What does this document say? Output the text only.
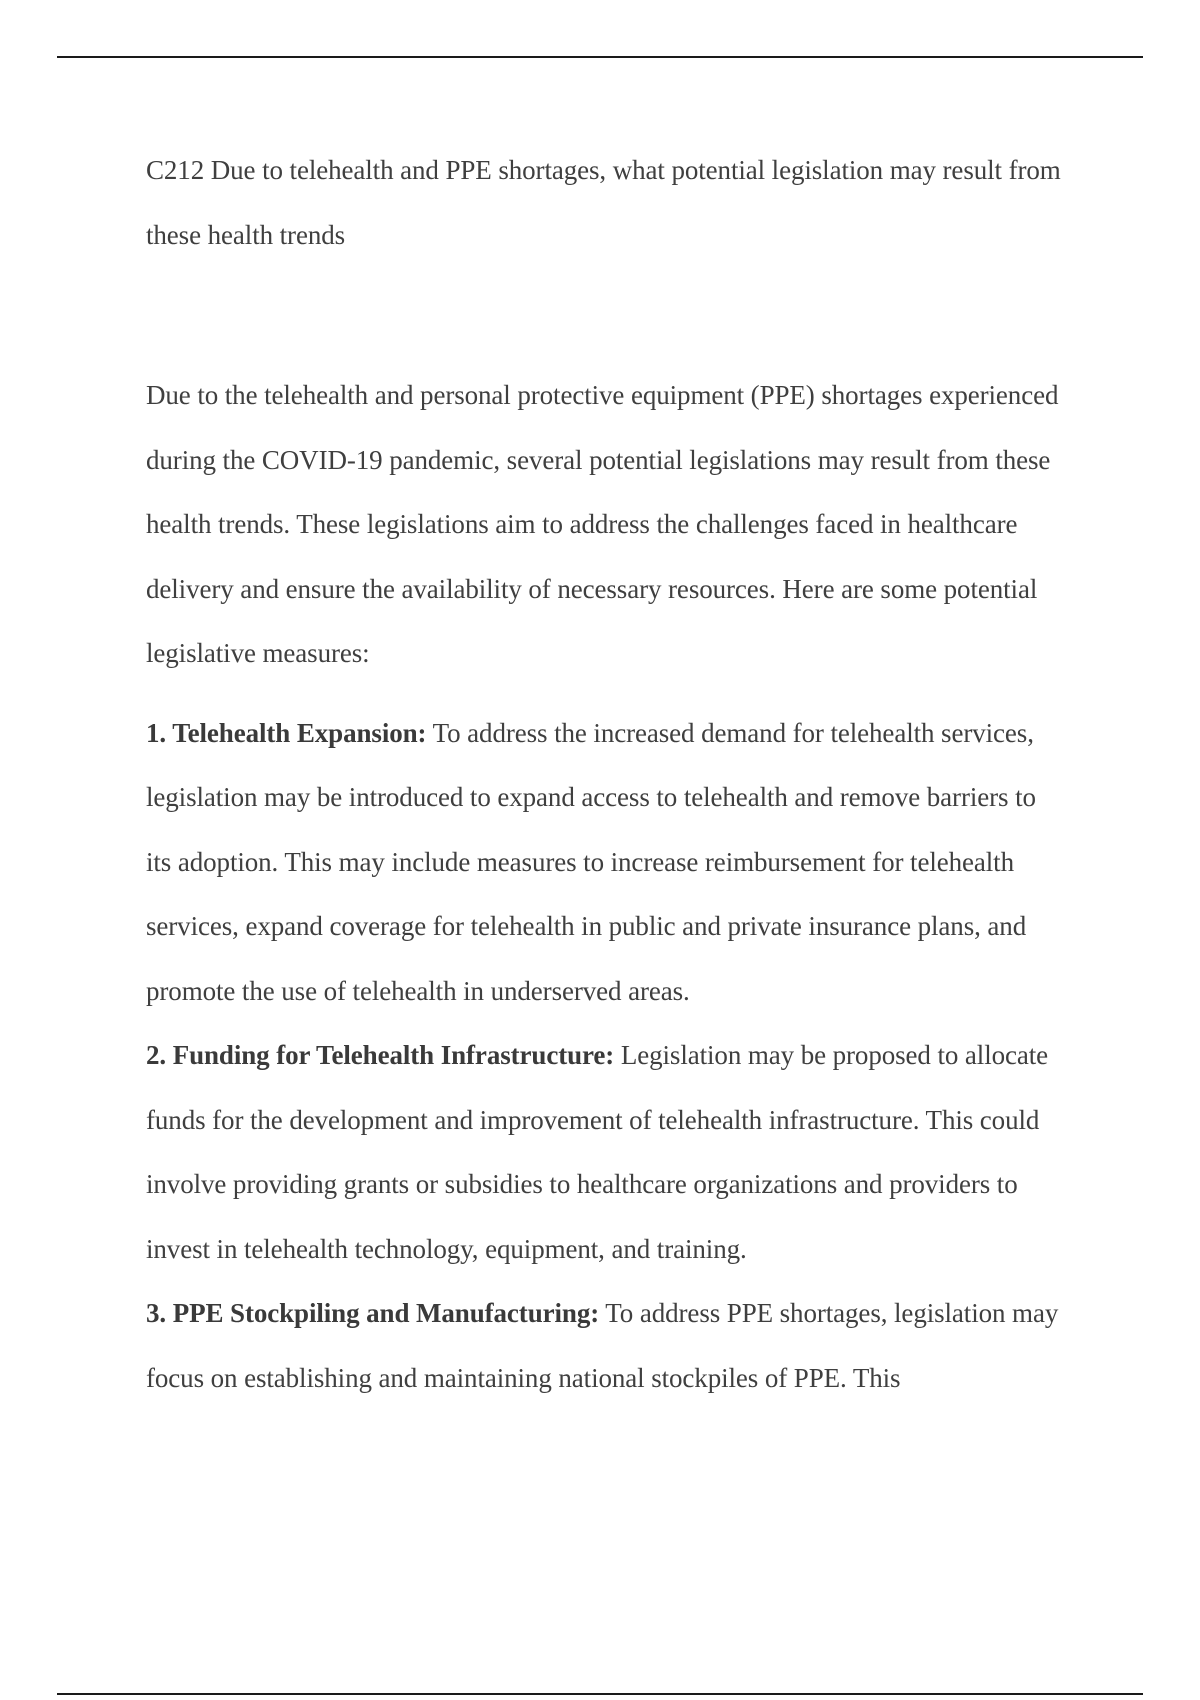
C212 Due to telehealth and PPE shortages, what potential legislation may result from these health trends

Due to the telehealth and personal protective equipment (PPE) shortages experienced during the COVID-19 pandemic, several potential legislations may result from these health trends. These legislations aim to address the challenges faced in healthcare delivery and ensure the availability of necessary resources. Here are some potential legislative measures:

1. Telehealth Expansion: To address the increased demand for telehealth services, legislation may be introduced to expand access to telehealth and remove barriers to its adoption. This may include measures to increase reimbursement for telehealth services, expand coverage for telehealth in public and private insurance plans, and promote the use of telehealth in underserved areas.

2. Funding for Telehealth Infrastructure: Legislation may be proposed to allocate funds for the development and improvement of telehealth infrastructure. This could involve providing grants or subsidies to healthcare organizations and providers to invest in telehealth technology, equipment, and training.

3. PPE Stockpiling and Manufacturing: To address PPE shortages, legislation may focus on establishing and maintaining national stockpiles of PPE. This
